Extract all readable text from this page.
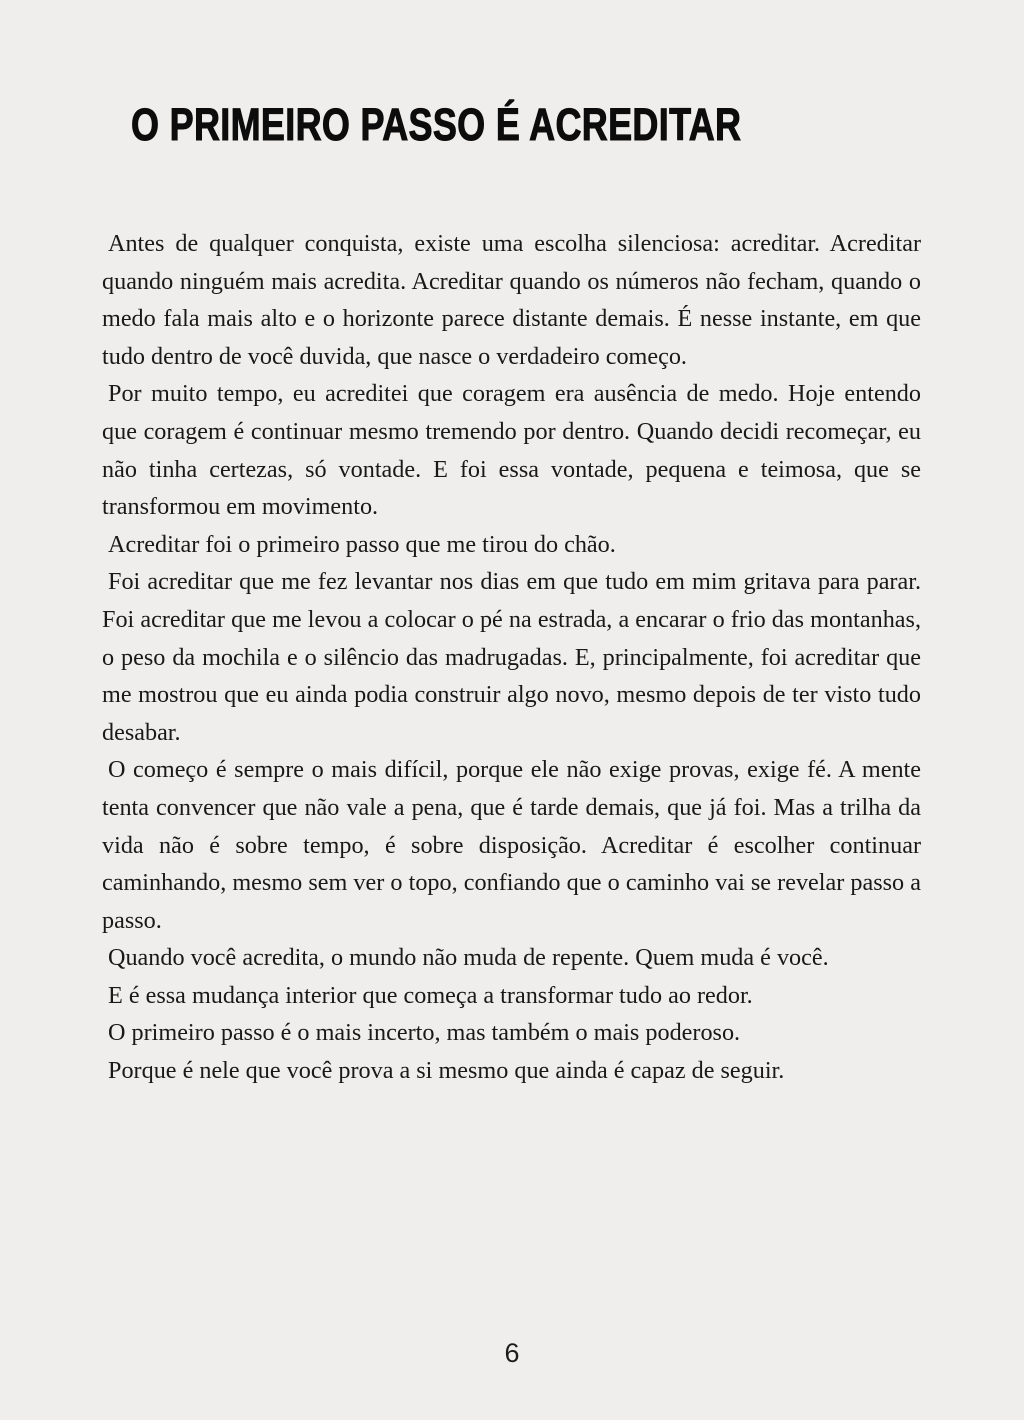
O PRIMEIRO PASSO É ACREDITAR

Antes de qualquer conquista, existe uma escolha silenciosa: acreditar. Acreditar quando ninguém mais acredita. Acreditar quando os números não fecham, quando o medo fala mais alto e o horizonte parece distante demais. É nesse instante, em que tudo dentro de você duvida, que nasce o verdadeiro começo.

Por muito tempo, eu acreditei que coragem era ausência de medo. Hoje entendo que coragem é continuar mesmo tremendo por dentro. Quando decidi recomeçar, eu não tinha certezas, só vontade. E foi essa vontade, pequena e teimosa, que se transformou em movimento.

Acreditar foi o primeiro passo que me tirou do chão.

Foi acreditar que me fez levantar nos dias em que tudo em mim gritava para parar. Foi acreditar que me levou a colocar o pé na estrada, a encarar o frio das montanhas, o peso da mochila e o silêncio das madrugadas. E, principalmente, foi acreditar que me mostrou que eu ainda podia construir algo novo, mesmo depois de ter visto tudo desabar.

O começo é sempre o mais difícil, porque ele não exige provas, exige fé. A mente tenta convencer que não vale a pena, que é tarde demais, que já foi. Mas a trilha da vida não é sobre tempo, é sobre disposição. Acreditar é escolher continuar caminhando, mesmo sem ver o topo, confiando que o caminho vai se revelar passo a passo.

Quando você acredita, o mundo não muda de repente. Quem muda é você.

E é essa mudança interior que começa a transformar tudo ao redor.

O primeiro passo é o mais incerto, mas também o mais poderoso.

Porque é nele que você prova a si mesmo que ainda é capaz de seguir.

6
